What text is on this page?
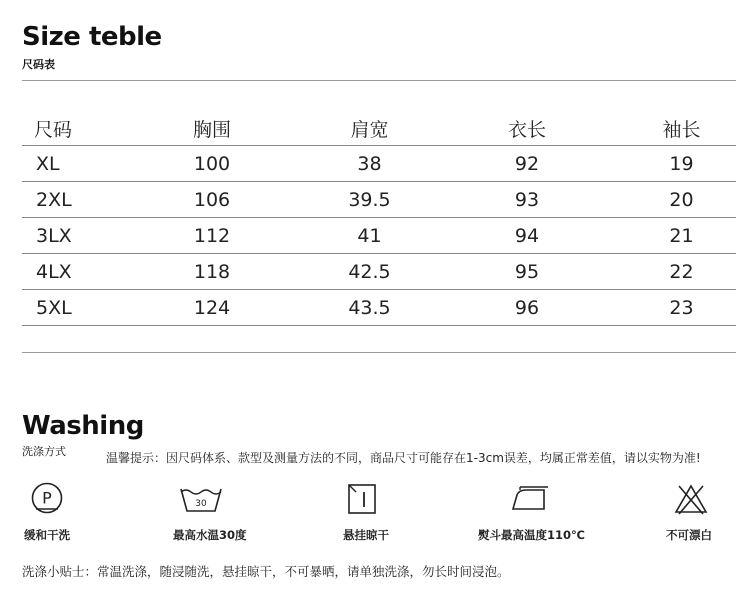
Size teble
尺码表
尺码	胸围	肩宽	衣长	袖长
XL	100	38	92	19
2XL	106	39.5	93	20
3LX	112	41	94	21
4LX	118	42.5	95	22
5XL	124	43.5	96	23
Washing
洗涤方式	温馨提示：因尺码体系、款型及测量方法的不同，商品尺寸可能存在1-3cm误差，均属正常差值，请以实物为准!
P
缓和干洗
30
最高水温30度	悬挂晾干	熨斗最高温度110℃	不可漂白
洗涤小贴士：常温洗涤，随浸随洗，悬挂晾干，不可暴晒，请单独洗涤，勿长时间浸泡。
